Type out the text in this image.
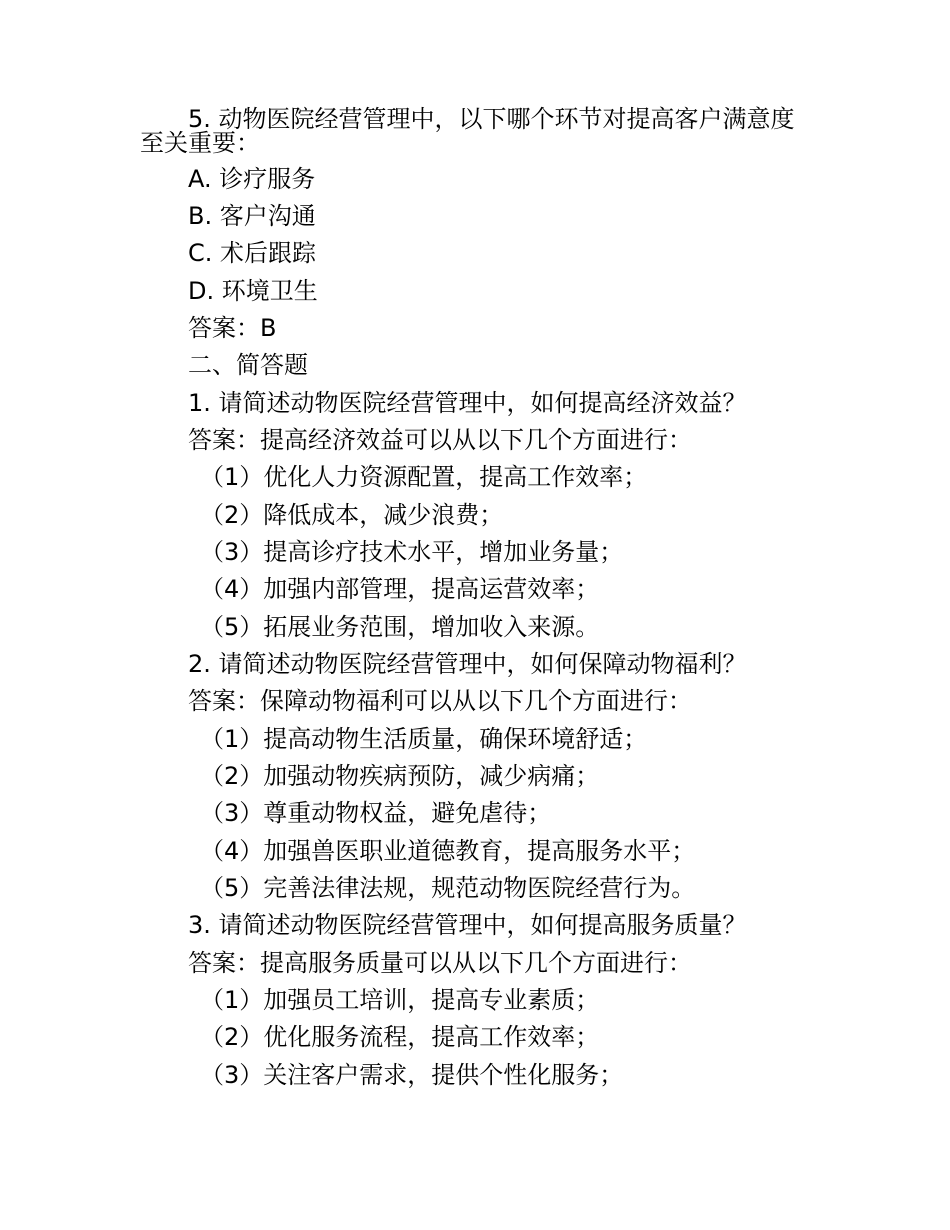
5. 动物医院经营管理中，以下哪个环节对提高客户满意度
至关重要：
A. 诊疗服务
B. 客户沟通
C. 术后跟踪
D. 环境卫生
答案：B
二、简答题
1. 请简述动物医院经营管理中，如何提高经济效益？
答案：提高经济效益可以从以下几个方面进行：
（1）优化人力资源配置，提高工作效率；
（2）降低成本，减少浪费；
（3）提高诊疗技术水平，增加业务量；
（4）加强内部管理，提高运营效率；
（5）拓展业务范围，增加收入来源。
2. 请简述动物医院经营管理中，如何保障动物福利？
答案：保障动物福利可以从以下几个方面进行：
（1）提高动物生活质量，确保环境舒适；
（2）加强动物疾病预防，减少病痛；
（3）尊重动物权益，避免虐待；
（4）加强兽医职业道德教育，提高服务水平；
（5）完善法律法规，规范动物医院经营行为。
3. 请简述动物医院经营管理中，如何提高服务质量？
答案：提高服务质量可以从以下几个方面进行：
（1）加强员工培训，提高专业素质；
（2）优化服务流程，提高工作效率；
（3）关注客户需求，提供个性化服务；
